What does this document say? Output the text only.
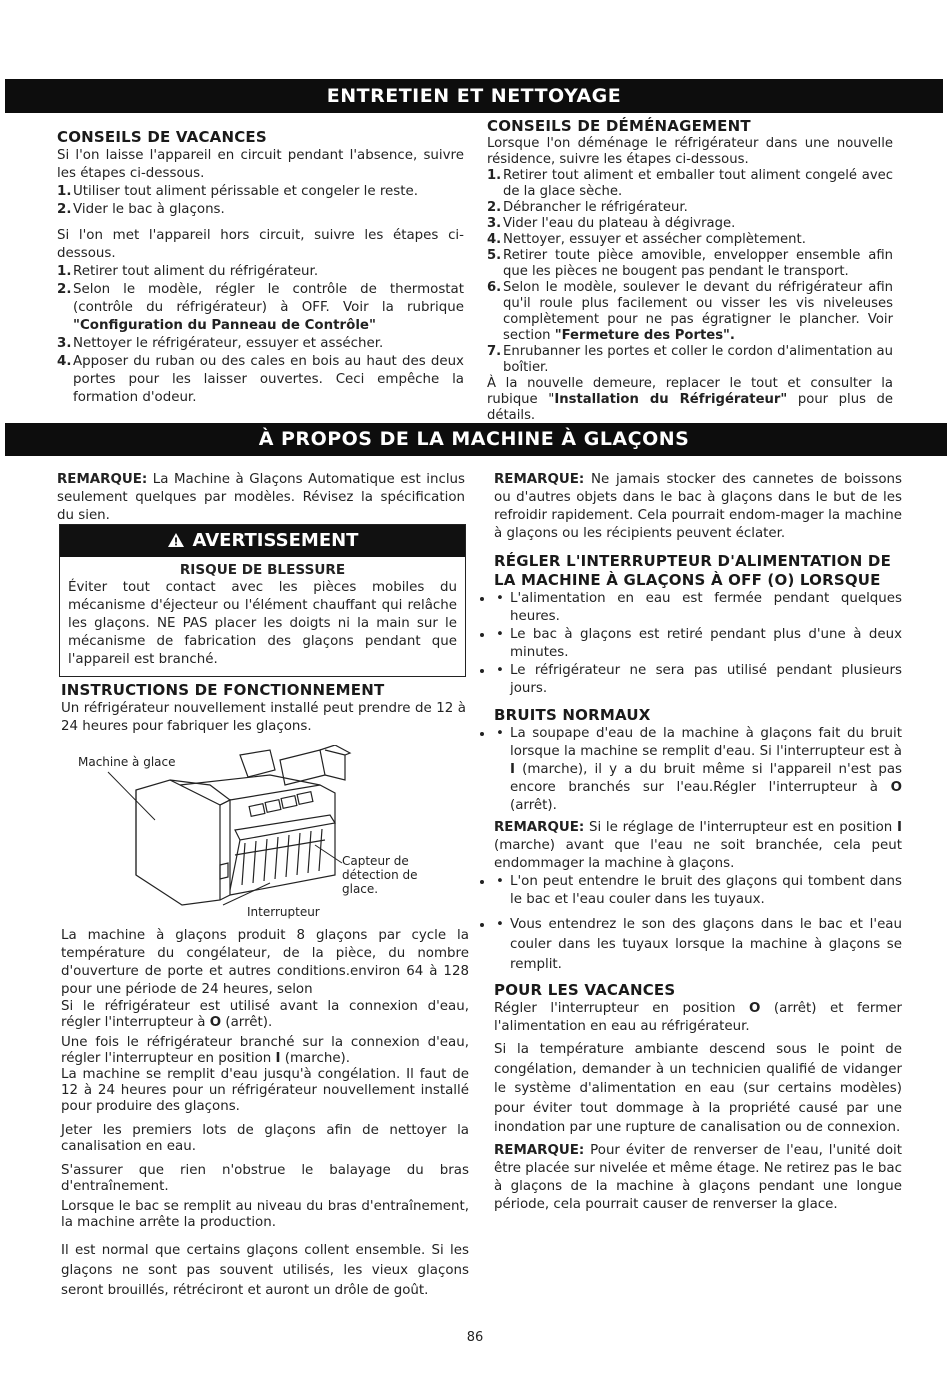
ENTRETIEN ET NETTOYAGE
CONSEILS DE VACANCES

Si l'on laisse l'appareil en circuit pendant l'absence, suivre les étapes ci-dessous.

1. Utiliser tout aliment périssable et congeler le reste.
2. Vider le bac à glaçons.

Si l'on met l'appareil hors circuit, suivre les étapes ci-dessous.

1. Retirer tout aliment du réfrigérateur.
2. Selon le modèle, régler le contrôle de thermostat (contrôle du réfrigérateur) à OFF. Voir la rubrique "Configuration du Panneau de Contrôle"
3. Nettoyer le réfrigérateur, essuyer et assécher.
4. Apposer du ruban ou des cales en bois au haut des deux portes pour les laisser ouvertes. Ceci empêche la formation d'odeur.
CONSEILS DE DÉMÉNAGEMENT

Lorsque l'on déménage le réfrigérateur dans une nouvelle résidence, suivre les étapes ci-dessous.

1. Retirer tout aliment et emballer tout aliment congelé avec de la glace sèche.
2. Débrancher le réfrigérateur.
3. Vider l'eau du plateau à dégivrage.
4. Nettoyer, essuyer et assécher complètement.
5. Retirer toute pièce amovible, envelopper ensemble afin que les pièces ne bougent pas pendant le transport.
6. Selon le modèle, soulever le devant du réfrigérateur afin qu'il roule plus facilement ou visser les vis niveleuses complètement pour ne pas égratigner le plancher. Voir section "Fermeture des Portes".
7. Enrubanner les portes et coller le cordon d'alimentation au boîtier.

À la nouvelle demeure, replacer le tout et consulter la rubique "Installation du Réfrigérateur" pour plus de détails.

À PROPOS DE LA MACHINE À GLAÇONS

REMARQUE: La Machine à Glaçons Automatique est inclus seulement quelques par modèles. Révisez la spécification du sien.

AVERTISSEMENT
RISQUE DE BLESSURE

Éviter tout contact avec les pièces mobiles du mécanisme d'éjecteur ou l'élément chauffant qui relâche les glaçons. NE PAS placer les doigts ni la main sur le mécanisme de fabrication des glaçons pendant que l'appareil est branché.

INSTRUCTIONS DE FONCTIONNEMENT

Un réfrigérateur nouvellement installé peut prendre de 12 à 24 heures pour fabriquer les glaçons.

Machine à glace
Capteur de détection de glace.
Interrupteur

La machine à glaçons produit 8 glaçons par cycle la température du congélateur, de la pièce, du nombre d'ouverture de porte et autres conditions.environ 64 à 128 pour une période de 24 heures, selon

Si le réfrigérateur est utilisé avant la connexion d'eau, régler l'interrupteur à O (arrêt).

Une fois le réfrigérateur branché sur la connexion d'eau, régler l'interrupteur en position I (marche).

La machine se remplit d'eau jusqu'à congélation. Il faut de 12 à 24 heures pour un réfrigérateur nouvellement installé pour produire des glaçons.

Jeter les premiers lots de glaçons afin de nettoyer la canalisation en eau.

S'assurer que rien n'obstrue le balayage du bras d'entraînement.

Lorsque le bac se remplit au niveau du bras d'entraînement, la machine arrête la production.

Il est normal que certains glaçons collent ensemble. Si les glaçons ne sont pas souvent utilisés, les vieux glaçons seront brouillés, rétréciront et auront un drôle de goût.

REMARQUE: Ne jamais stocker des cannetes de boissons ou d'autres objets dans le bac à glaçons dans le but de les refroidir rapidement. Cela pourrait endom-mager la machine à glaçons ou les récipients peuvent éclater.

RÉGLER L'INTERRUPTEUR D'ALIMENTATION DE LA MACHINE À GLAÇONS À OFF (O) LORSQUE
• • L'alimentation en eau est fermée pendant quelques heures.
• • Le bac à glaçons est retiré pendant plus d'une à deux minutes.
• • Le réfrigérateur ne sera pas utilisé pendant plusieurs jours.
BRUITS NORMAUX
• • La soupape d'eau de la machine à glaçons fait du bruit lorsque la machine se remplit d'eau. Si l'interrupteur est à I (marche), il y a du bruit même si l'appareil n'est pas encore branchés sur l'eau.Régler l'interrupteur à O (arrêt).

REMARQUE: Si le réglage de l'interrupteur est en position I (marche) avant que l'eau ne soit branchée, cela peut endommager la machine à glaçons.

• • L'on peut entendre le bruit des glaçons qui tombent dans le bac et l'eau couler dans les tuyaux.
• • Vous entendrez le son des glaçons dans le bac et l'eau couler dans les tuyaux lorsque la machine à glaçons se remplit.
POUR LES VACANCES

Régler l'interrupteur en position O (arrêt) et fermer l'alimentation en eau au réfrigérateur.

Si la température ambiante descend sous le point de congélation, demander à un technicien qualifié de vidanger le système d'alimentation en eau (sur certains modèles) pour éviter tout dommage à la propriété causé par une inondation par une rupture de canalisation ou de connexion.

REMARQUE: Pour éviter de renverser de l'eau, l'unité doit être placée sur nivelée et même étage. Ne retirez pas le bac à glaçons de la machine à glaçons pendant une longue période, cela pourrait causer de renverser la glace.

86
